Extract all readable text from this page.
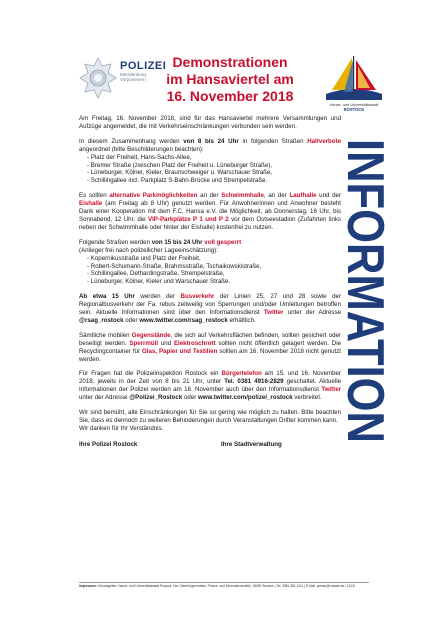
POLIZEI
Mecklenburg-
Vorpommern
Demonstrationen
im Hansaviertel am
16. November 2018
Hanse- und Universitätsstadt
ROSTOCK
INFORMATION

Am Freitag, 16. November 2018, sind für das Hansaviertel mehrere Versammlungen und Aufzüge angemeldet, die mit Verkehrseinschränkungen verbunden sein werden.

In diesem Zusammenhang werden von 8 bis 24 Uhr in folgenden Straßen Haltverbote angeordnet (bitte Beschilderungen beachten):

- Platz der Freiheit, Hans-Sachs-Allee,
- Bremer Straße (zwischen Platz der Freiheit u. Lüneburger Straße),
- Lüneburger, Kölner, Kieler, Braunschweiger u. Warschauer Straße,
- Schillingallee incl. Parkplatz S-Bahn-Brücke und Strempelstraße.

Es sollten alternative Parkmöglichkeiten an der Schwimmhalle, an der Laufhalle und der Eishalle (am Freitag ab 8 Uhr) genutzt werden. Für Anwohnerinnen und Anwohner besteht Dank einer Kooperation mit dem F.C. Hansa e.V. die Möglichkeit, ab Donnerstag, 16 Uhr, bis Sonnabend, 12 Uhr, die VIP-Parkplätze P 1 und P 2 vor dem Ostseestadion (Zufahrten links neben der Schwimmhalle oder hinter der Eishalle) kostenfrei zu nutzen.

Folgende Straßen werden von 15 bis 24 Uhr voll gesperrt
(Anlieger frei nach polizeilicher Lageeinschätzung):

- Kopernikusstraße und Platz der Freiheit,
- Robert-Schumann-Straße, Brahmsstraße, Tschaikowskistraße,
- Schillingallee, Dethardingstraße, Strempelstraße,
- Lüneburger, Kölner, Kieler und Warschauer Straße.

Ab etwa 15 Uhr werden der Busverkehr der Linien 25, 27 und 28 sowie der Regionalbusverkehr der Fa. rebus zeitweilig von Sperrungen und/oder Umleitungen betroffen sein. Aktuelle Informationen sind über den Informationsdienst Twitter unter der Adresse @rsag_rostock oder www.twitter.com/rsag_rostock erhältlich.

Sämtliche mobilen Gegenstände, die sich auf Verkehrsflächen befinden, sollten gesichert oder beseitigt werden. Sperrmüll und Elektroschrott sollten nicht öffentlich gelagert werden. Die Recyclingcontainer für Glas, Papier und Textilien sollten am 16. November 2018 nicht genutzt werden.

Für Fragen hat die Polizeiinspektion Rostock ein Bürgertelefon am 15. und 16. November 2018, jeweils in der Zeit von 8 bis 21 Uhr, unter Tel. 0381 4916-2829 geschaltet. Aktuelle Informationen der Polizei werden am 16. November auch über den Informationsdienst Twitter unter der Adresse @Polizei_Rostock oder www.twitter.com/polizei_rostock verbreitet.

Wir sind bemüht, alle Einschränkungen für Sie so gering wie möglich zu halten. Bitte beachten Sie, dass es dennoch zu weiteren Behinderungen durch Veranstaltungen Dritter kommen kann.
Wir danken für Ihr Verständnis.

Ihre Polizei Rostock	Ihre Stadtverwaltung
Impressum: Herausgeber: Hanse- und Universitätsstadt Rostock, Der Oberbürgermeister, Presse- und Informationsstelle, 18050 Rostock | Tel. 0381 381-1411 | E-Mail: presse@rostock.de | 11/18
